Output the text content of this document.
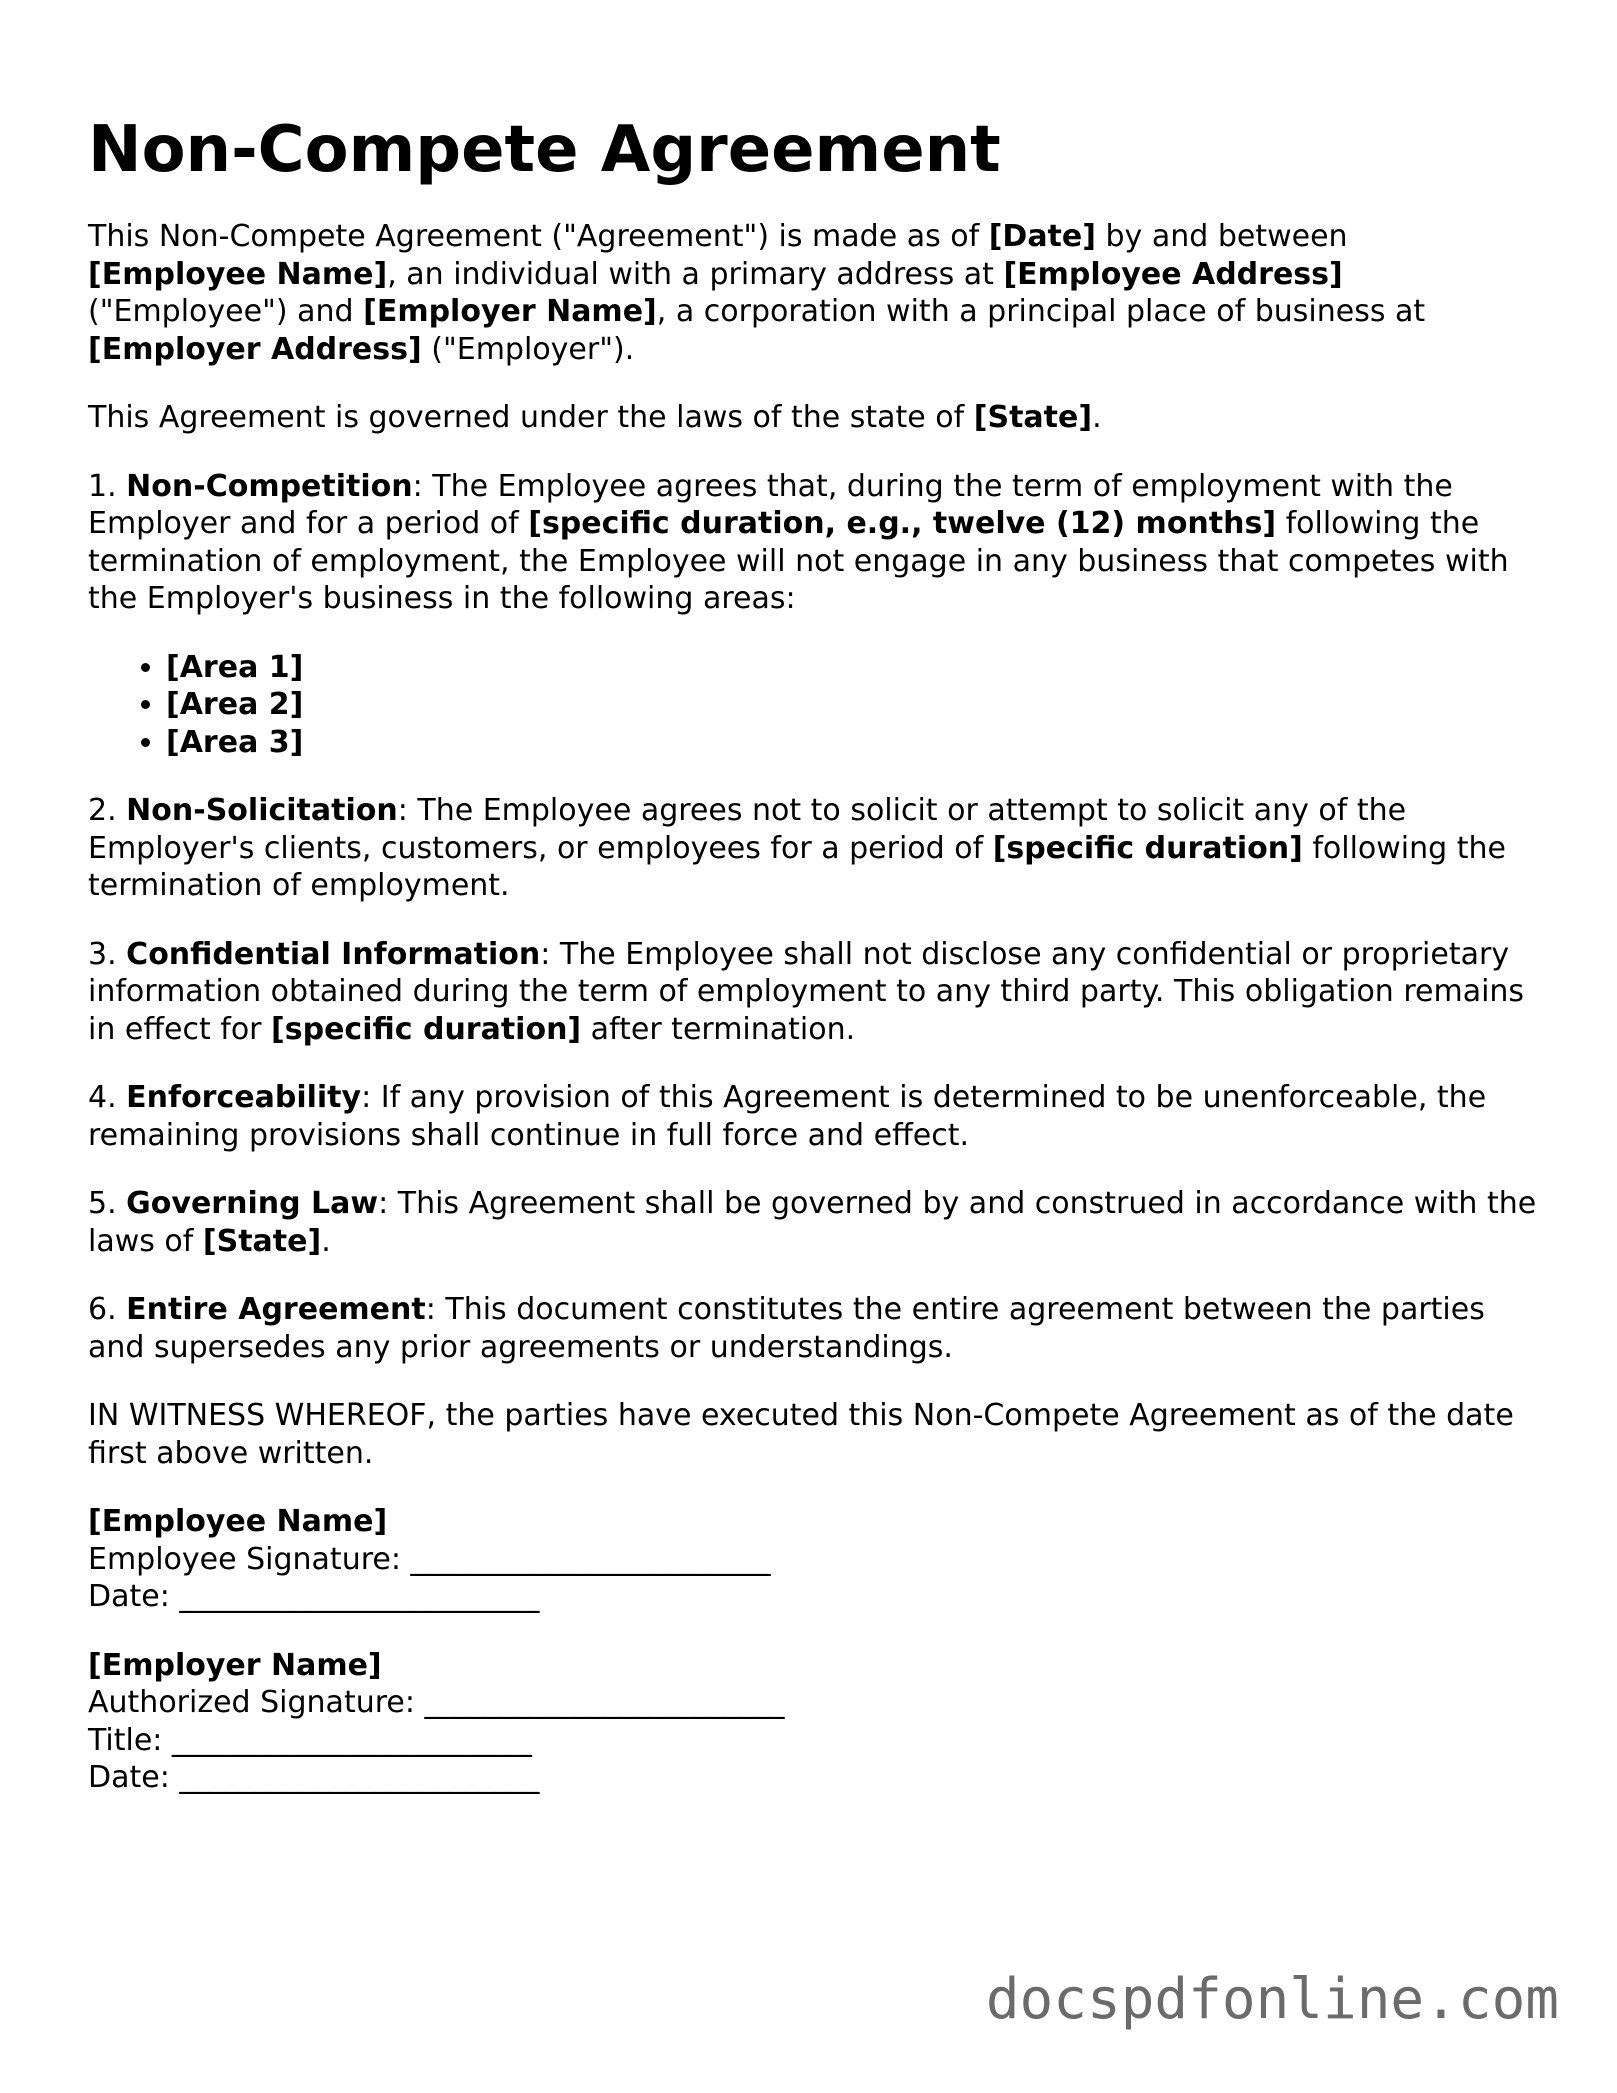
Non-Compete Agreement

This Non-Compete Agreement ("Agreement") is made as of [Date] by and between
[Employee Name], an individual with a primary address at [Employee Address]
("Employee") and [Employer Name], a corporation with a principal place of business at
[Employer Address] ("Employer").

This Agreement is governed under the laws of the state of [State].

1. Non-Competition: The Employee agrees that, during the term of employment with the Employer and for a period of [specific duration, e.g., twelve (12) months] following the termination of employment, the Employee will not engage in any business that competes with the Employer's business in the following areas:

• [Area 1]
• [Area 2]
• [Area 3]

2. Non-Solicitation: The Employee agrees not to solicit or attempt to solicit any of the Employer's clients, customers, or employees for a period of [specific duration] following the termination of employment.

3. Confidential Information: The Employee shall not disclose any confidential or proprietary information obtained during the term of employment to any third party. This obligation remains in effect for [specific duration] after termination.

4. Enforceability: If any provision of this Agreement is determined to be unenforceable, the remaining provisions shall continue in full force and effect.

5. Governing Law: This Agreement shall be governed by and construed in accordance with the laws of [State].

6. Entire Agreement: This document constitutes the entire agreement between the parties and supersedes any prior agreements or understandings.

IN WITNESS WHEREOF, the parties have executed this Non-Compete Agreement as of the date first above written.

[Employee Name]
Employee Signature: ________________________
Date: ________________________
[Employer Name]
Authorized Signature: ________________________
Title: ________________________
Date: ________________________
docspdfonline.com
